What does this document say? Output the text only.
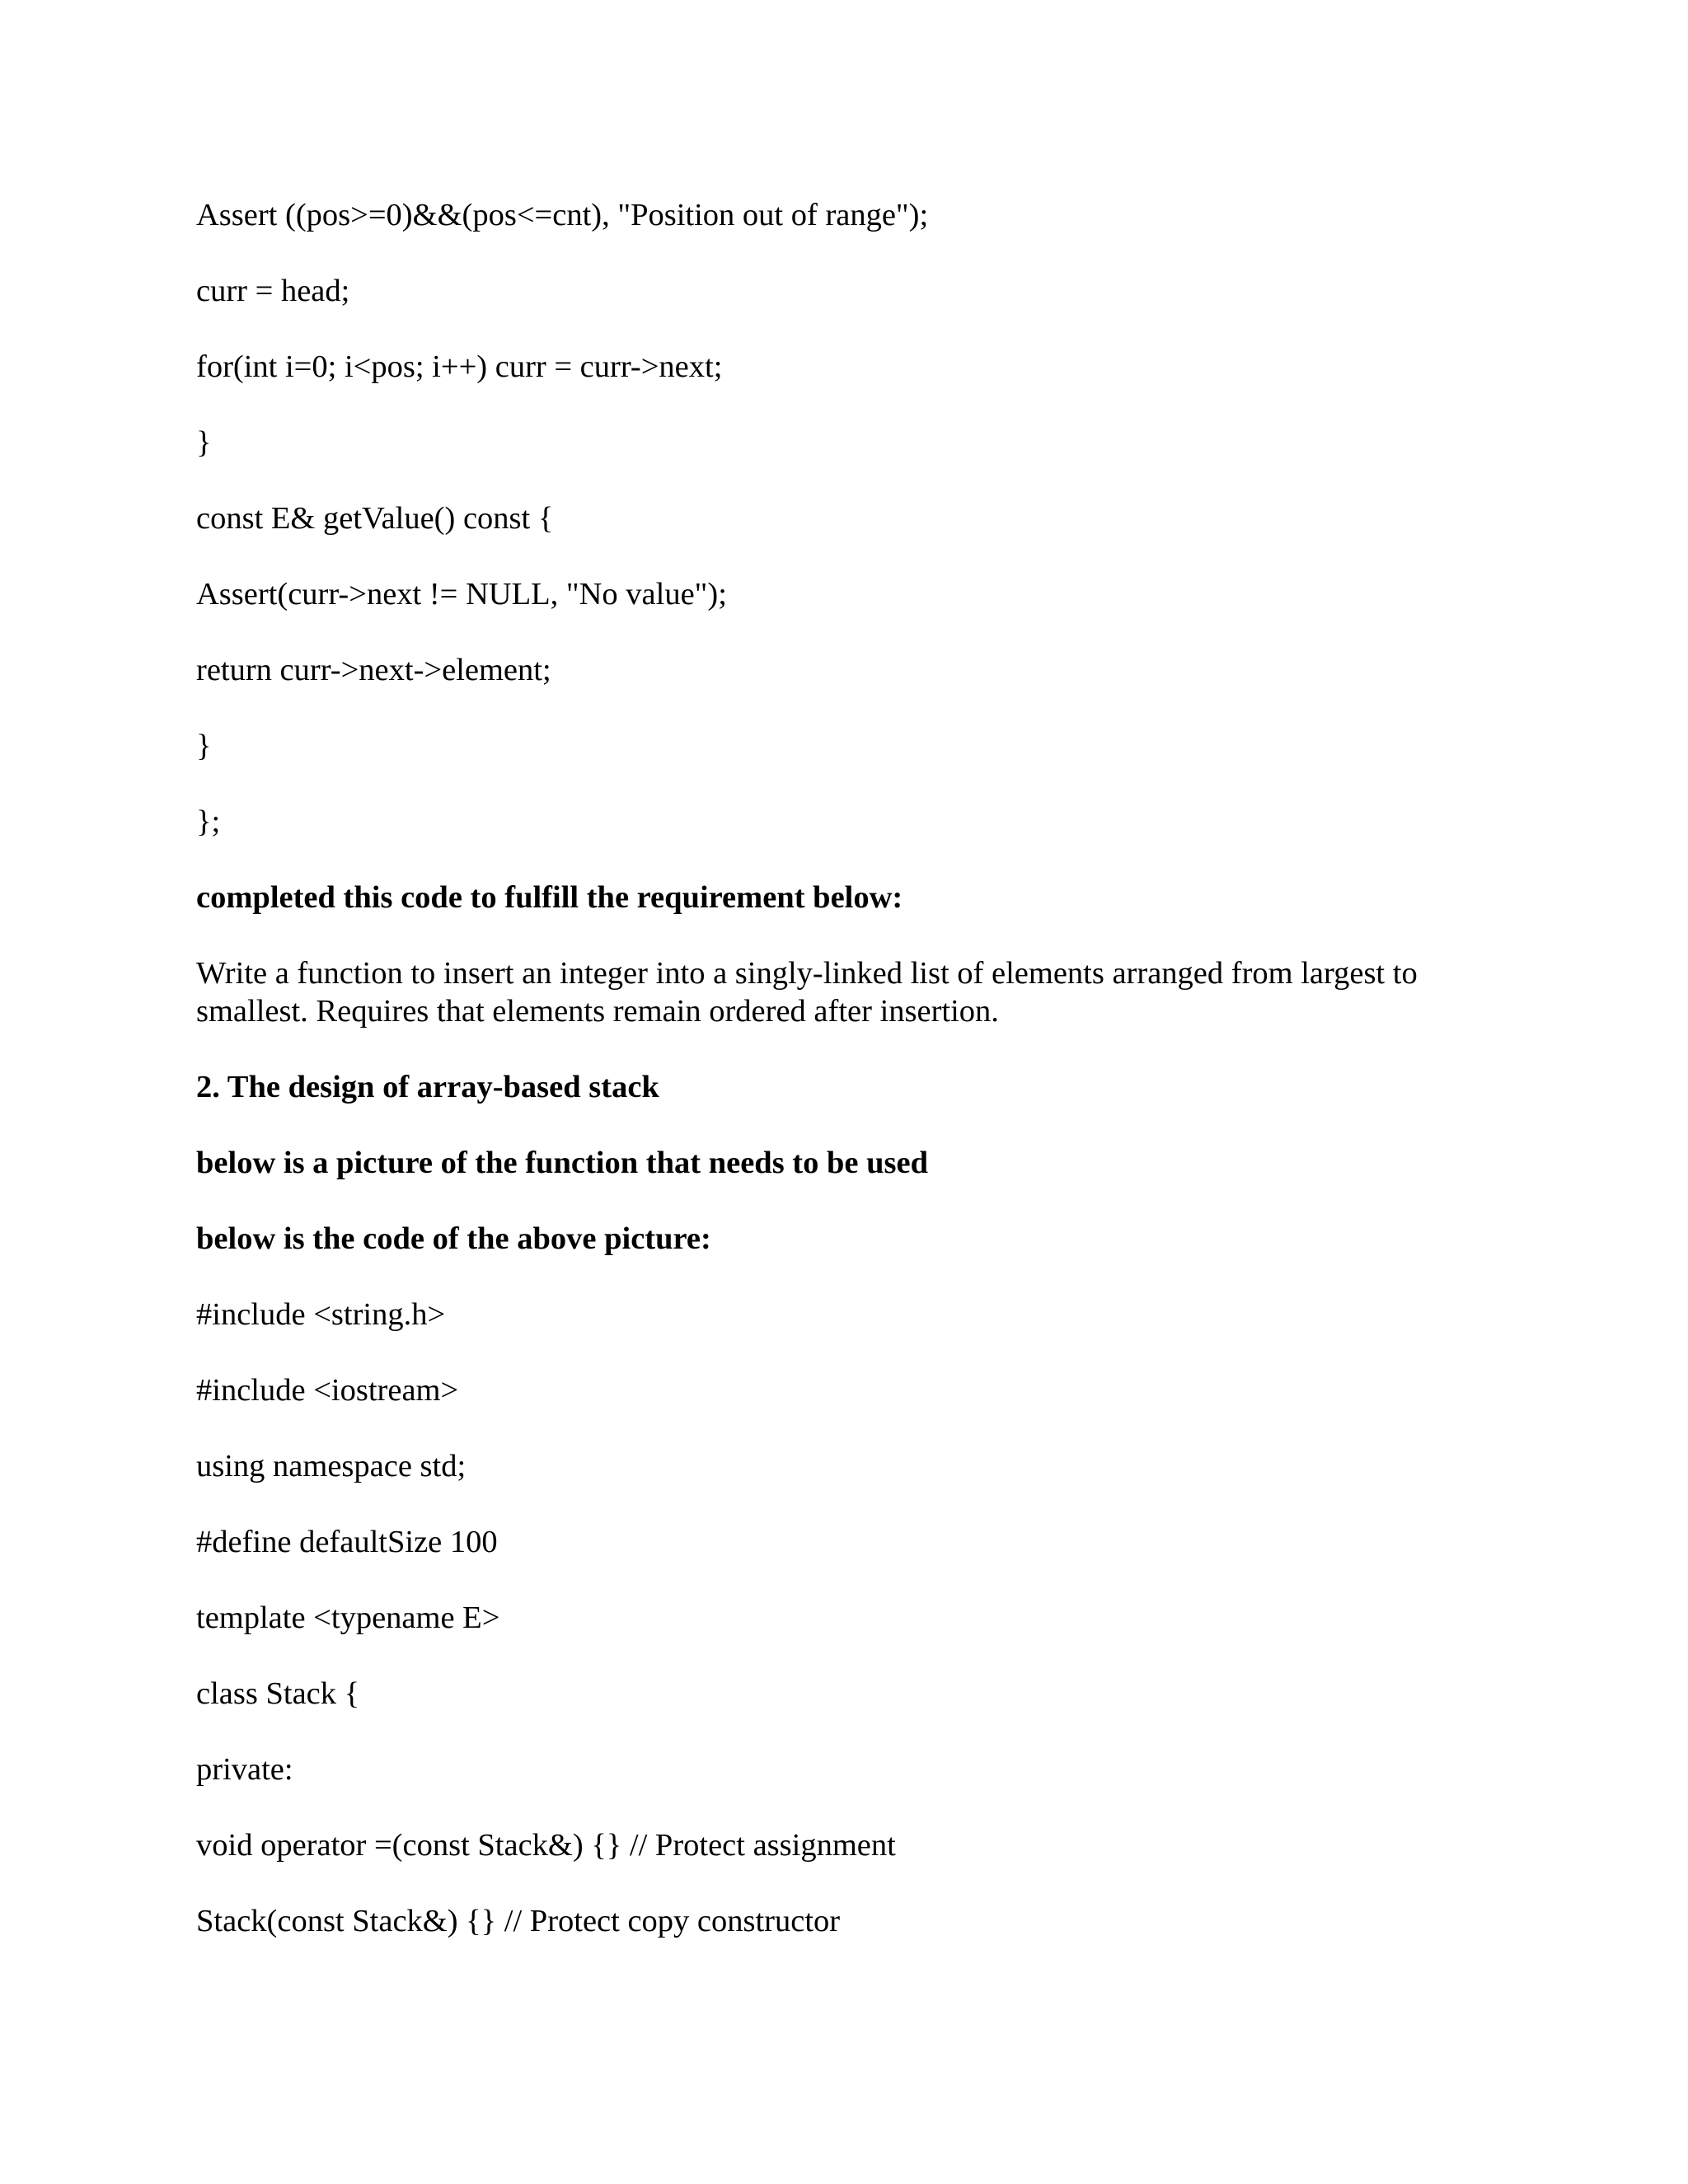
Assert ((pos>=0)&&(pos<=cnt), "Position out of range");
curr = head;
for(int i=0; i<pos; i++) curr = curr->next;
}
const E& getValue() const {
Assert(curr->next != NULL, "No value");
return curr->next->element;
}
};
completed this code to fulfill the requirement below:
Write a function to insert an integer into a singly-linked list of elements arranged from largest to
smallest. Requires that elements remain ordered after insertion.
2. The design of array-based stack
below is a picture of the function that needs to be used
below is the code of the above picture:
#include <string.h>
#include <iostream>
using namespace std;
#define defaultSize 100
template <typename E>
class Stack {
private:
void operator =(const Stack&) {} // Protect assignment
Stack(const Stack&) {} // Protect copy constructor
